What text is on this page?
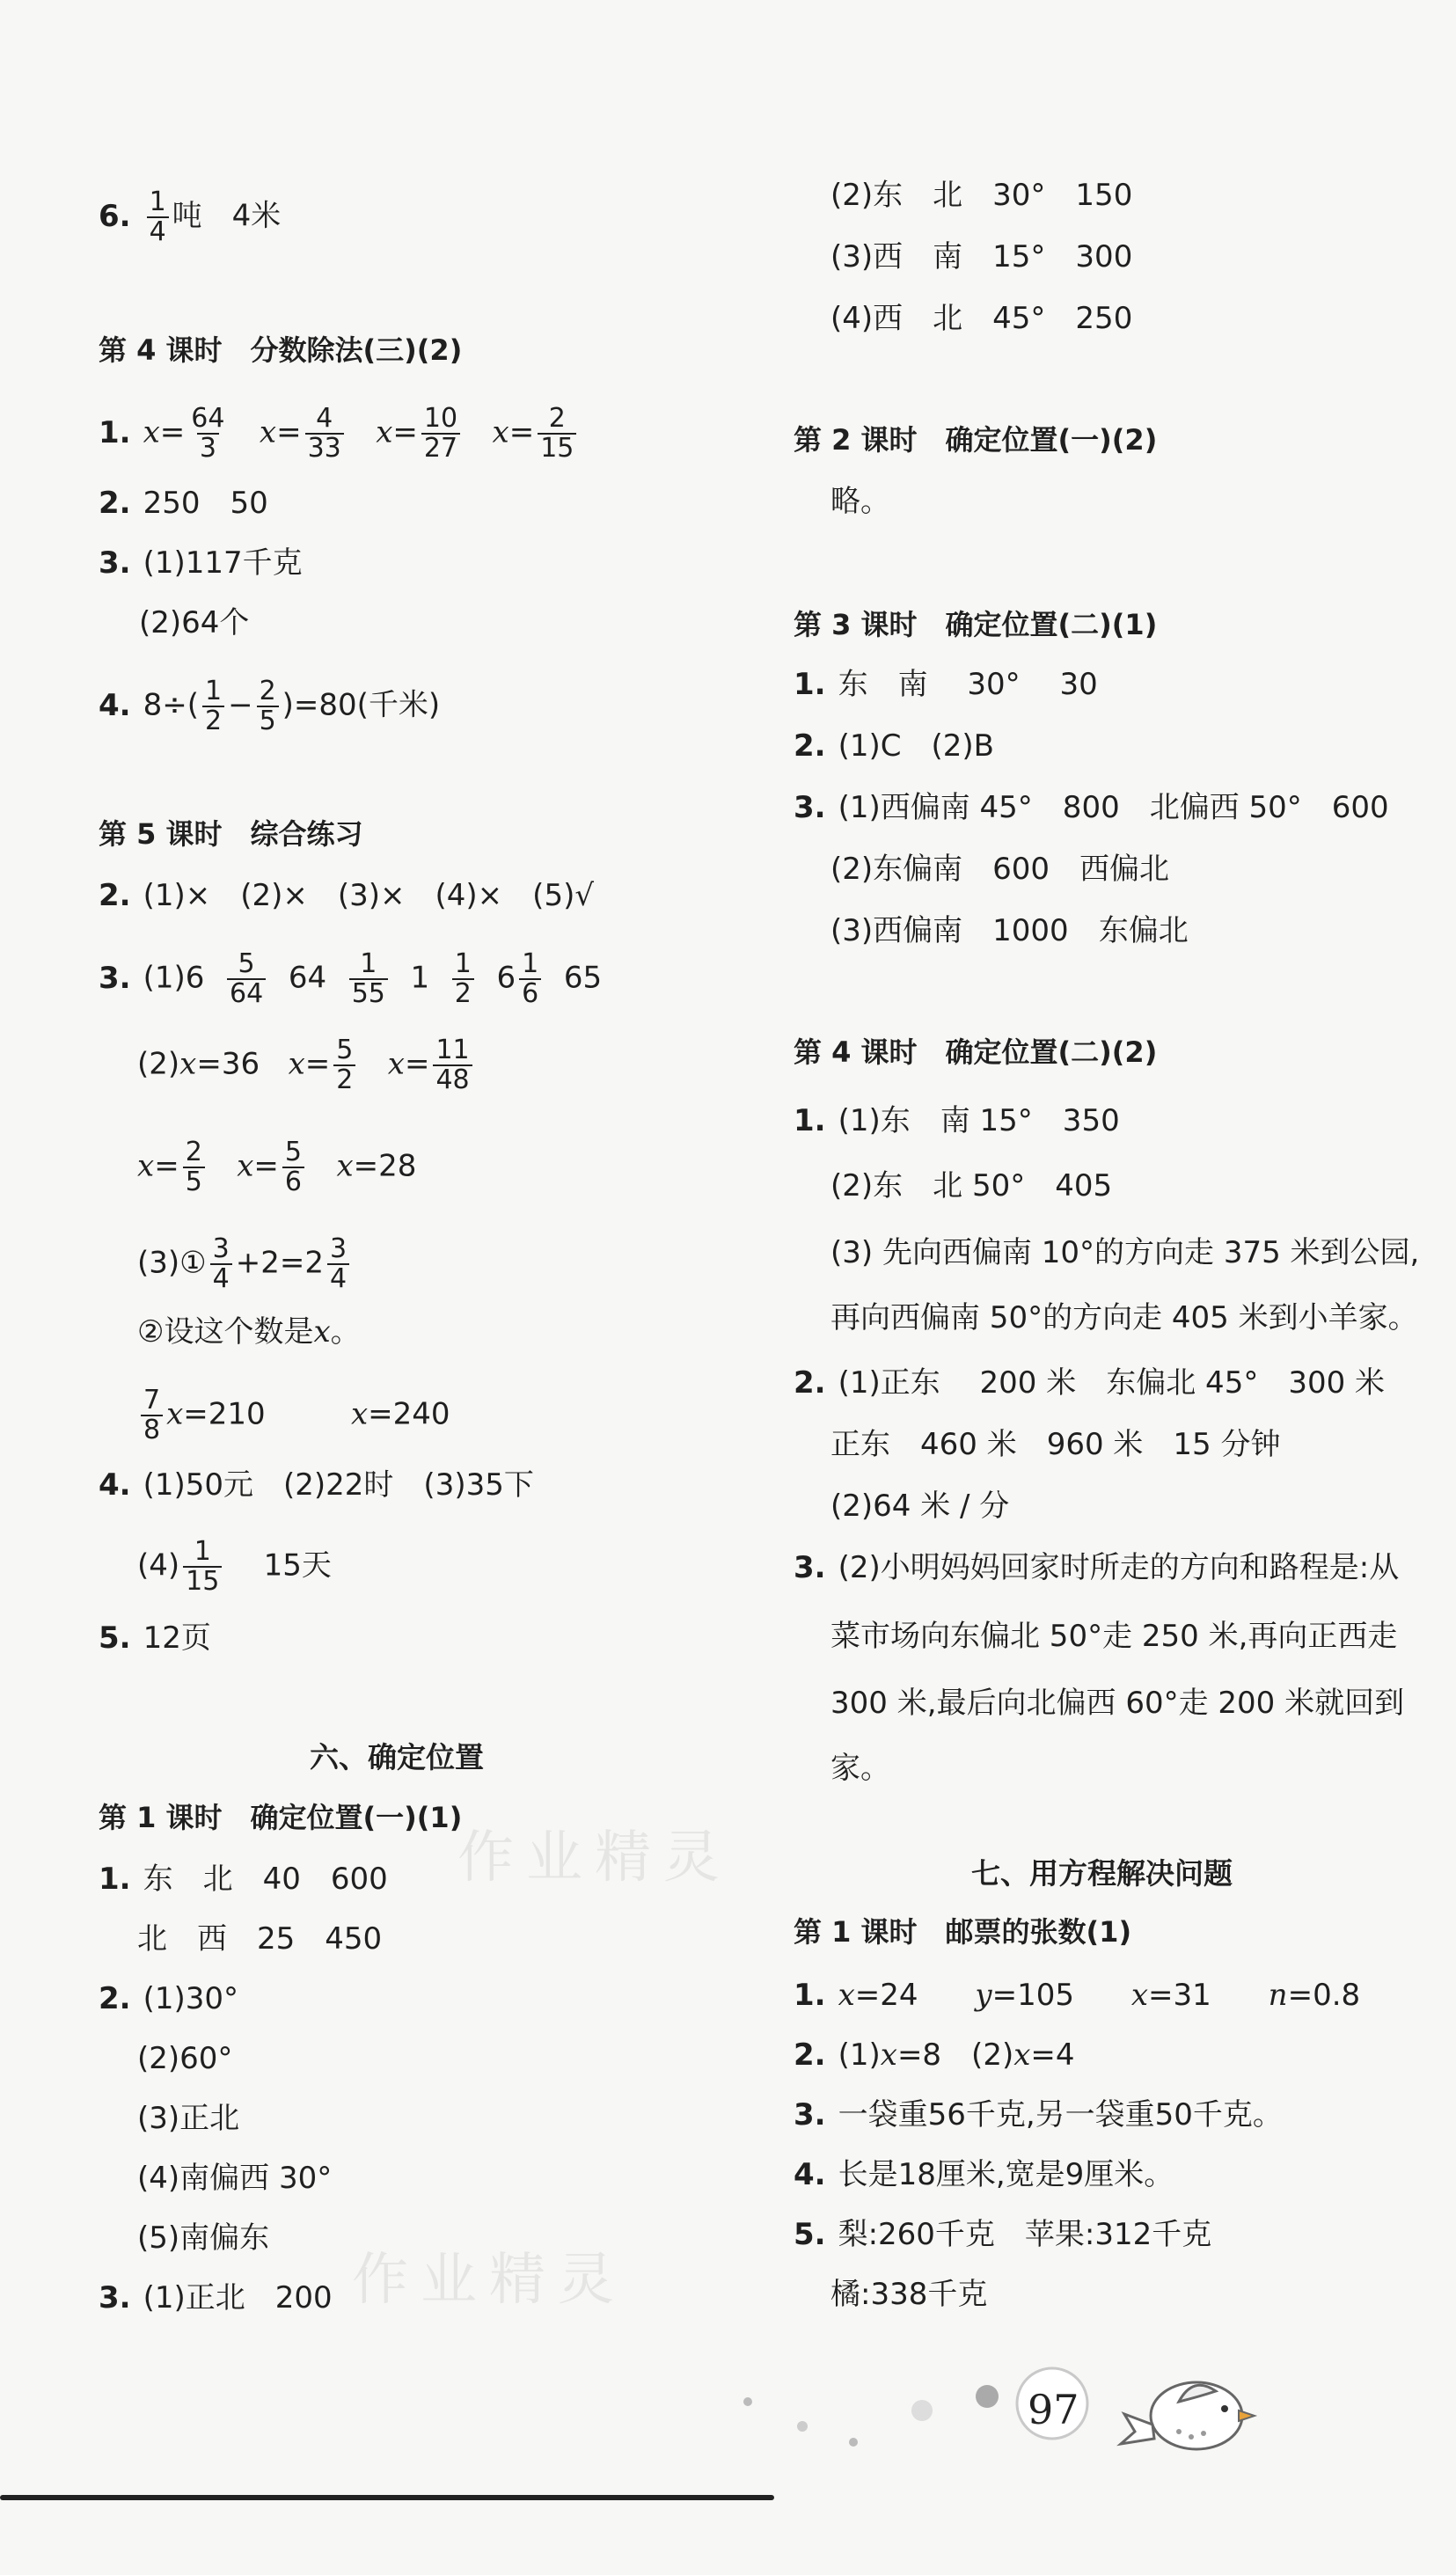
6. $\frac{1}{4}$ 吨　 4米
第 4 课时　分数除法(三)(2)
1. $x= \frac{64}{3} x= \frac{4}{33} x= \frac{10}{27} x= \frac{2}{15}$
2. 250　50
3. (1)117千克
(2)64个
4. $8\div( \frac{1}{2} - \frac{2}{5} )=80$(千米)
第 5 课时　综合练习
2. (1)×　(2)×　(3)×　(4)×　(5)√
3. $(1)6 \frac{5}{64} 64 \frac{1}{55} 1 \frac{1}{2} 6 \frac{1}{6} 65$
(2)x=36 $x= \frac{5}{2} x= \frac{11}{48}$
$x= \frac{2}{5} x= \frac{5}{6} x=28$
(3)① $\frac{3}{4} +2=2 \frac{3}{4}$
②设这个数是x。
$\frac{7}{8} x=210$	x=240
4. (1)50元　(2)22时　(3)35下
$(4) \frac{1}{15} 15$天
5. 12页
六、确定位置
第 1 课时　确定位置(一)(1)
1. 东　北　40　600
北　西　25　450
2. (1)30°
(2)60°
(3)正北
(4)南偏西 30°
(5)南偏东
3. (1)正北　200
(2)东　北　30°　150
(3)西　南　15°　300
(4)西　北　45°　250
第 2 课时　确定位置(一)(2)
略。
第 3 课时　确定位置(二)(1)
1. 东　南　 30°　 30
2. (1)C　(2)B
3. (1)西偏南 45°　800　北偏西 50°　600
(2)东偏南　600　西偏北
(3)西偏南　1000　东偏北
第 4 课时　确定位置(二)(2)
1. (1)东　南 15°　350
(2)东　北 50°　405
(3) 先向西偏南 10°的方向走 375 米到公园,
再向西偏南 50°的方向走 405 米到小羊家。
2. (1)正东　 200 米　东偏北 45°　300 米
正东　460 米　960 米　15 分钟
(2)64 米 / 分
3. (2)小明妈妈回家时所走的方向和路程是:从
菜市场向东偏北 50°走 250 米,再向正西走
300 米,最后向北偏西 60°走 200 米就回到
家。
七、用方程解决问题
第 1 课时　邮票的张数(1)
1. x=24 y=105 x=31 n=0.8
2. (1)x=8　(2)x=4
3. 一袋重56千克,另一袋重50千克。
4. 长是18厘米,宽是9厘米。
5. 梨:260千克　苹果:312千克
橘:338千克
作业精灵
作业精灵
97
